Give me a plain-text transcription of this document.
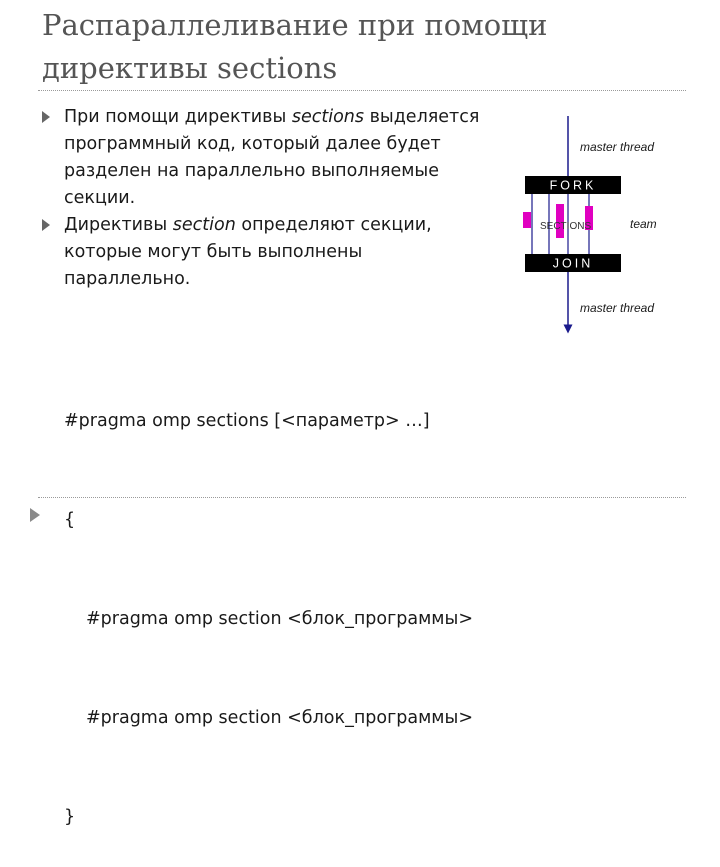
Распараллеливание при помощи директивы sections
При помощи директивы sections выделяется программный код, который далее будет разделен на параллельно выполняемые секции.
Директивы section определяют секции, которые могут быть выполнены параллельно.

#pragma omp sections [<параметр> …]

{

#pragma omp section <блок_программы>

#pragma omp section <блок_программы>

}

master thread
FORK
SECTIONS	team
JOIN
master thread
